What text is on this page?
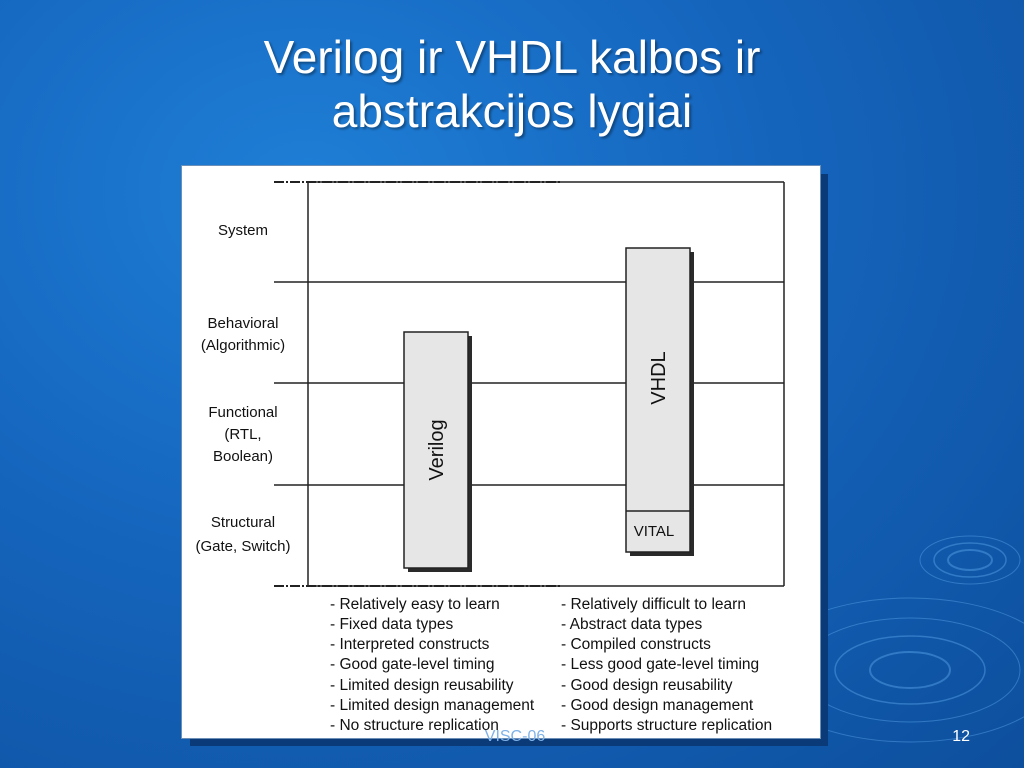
Verilog ir VHDL kalbos ir
abstrakcijos lygiai
System
Behavioral
(Algorithmic)
Functional
(RTL,
Boolean)
Structural
(Gate, Switch)
Verilog
VHDL
VITAL
- Relatively easy to learn
- Fixed data types
- Interpreted constructs
- Good gate-level timing
- Limited design reusability
- Limited design management
- No structure replication
- Relatively difficult to learn
- Abstract data types
- Compiled constructs
- Less good gate-level timing
- Good design reusability
- Good design management
- Supports structure replication
VISC-06	12
